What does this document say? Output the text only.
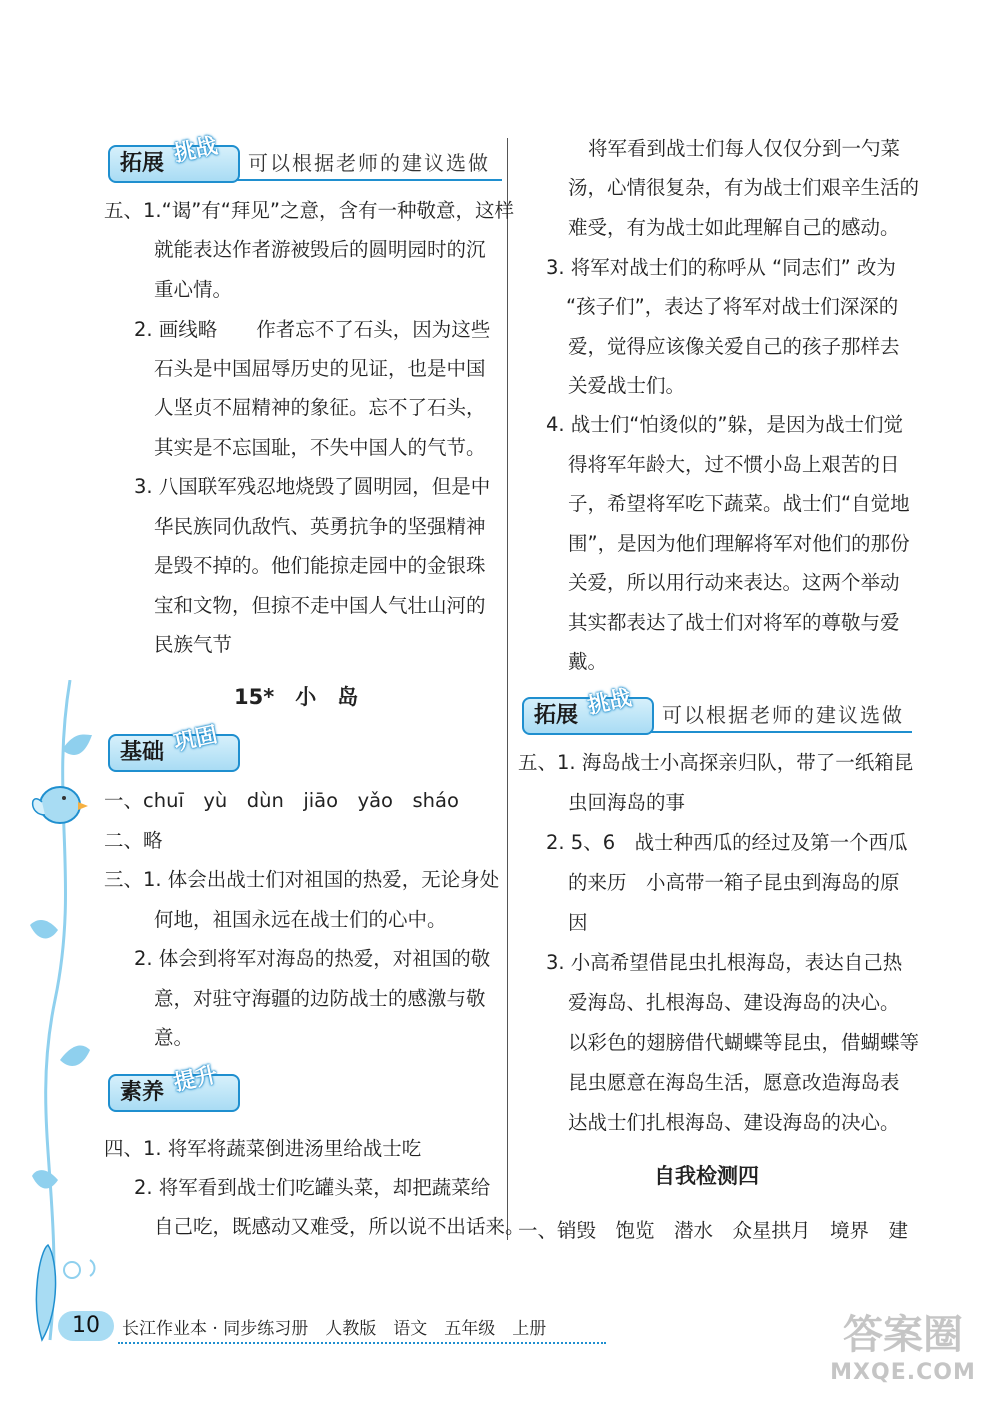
拓展 挑战	可以根据老师的建议选做
五、1.“谒”有“拜见”之意，含有一种敬意，这样
就能表达作者游被毁后的圆明园时的沉
重心情。
2. 画线略　　作者忘不了石头，因为这些
石头是中国屈辱历史的见证，也是中国
人坚贞不屈精神的象征。忘不了石头，
其实是不忘国耻，不失中国人的气节。
3. 八国联军残忍地烧毁了圆明园，但是中
华民族同仇敌忾、英勇抗争的坚强精神
是毁不掉的。他们能掠走园中的金银珠
宝和文物，但掠不走中国人气壮山河的
民族气节
15*　小　岛
基础 巩固
一、chuī　yù　dùn　jiāo　yǎo　sháo
二、略
三、1. 体会出战士们对祖国的热爱，无论身处
何地，祖国永远在战士们的心中。
2. 体会到将军对海岛的热爱，对祖国的敬
意，对驻守海疆的边防战士的感激与敬
意。
素养 提升
四、1. 将军将蔬菜倒进汤里给战士吃
2. 将军看到战士们吃罐头菜，却把蔬菜给
自己吃，既感动又难受，所以说不出话来。
将军看到战士们每人仅仅分到一勺菜
汤，心情很复杂，有为战士们艰辛生活的
难受，有为战士如此理解自己的感动。
3. 将军对战士们的称呼从 “同志们” 改为
“孩子们”，表达了将军对战士们深深的
爱，觉得应该像关爱自己的孩子那样去
关爱战士们。
4. 战士们“怕烫似的”躲，是因为战士们觉
得将军年龄大，过不惯小岛上艰苦的日
子，希望将军吃下蔬菜。战士们“自觉地
围”，是因为他们理解将军对他们的那份
关爱，所以用行动来表达。这两个举动
其实都表达了战士们对将军的尊敬与爱
戴。
拓展 挑战	可以根据老师的建议选做
五、1. 海岛战士小高探亲归队，带了一纸箱昆
虫回海岛的事
2. 5、6　战士种西瓜的经过及第一个西瓜
的来历　小高带一箱子昆虫到海岛的原
因
3. 小高希望借昆虫扎根海岛，表达自己热
爱海岛、扎根海岛、建设海岛的决心。
以彩色的翅膀借代蝴蝶等昆虫，借蝴蝶等
昆虫愿意在海岛生活，愿意改造海岛表
达战士们扎根海岛、建设海岛的决心。
自我检测四
一、销毁　饱览　潜水　众星拱月　境界　建
10	长江作业本 · 同步练习册　人教版　语文　五年级　上册	答案圈
MXQE.COM
